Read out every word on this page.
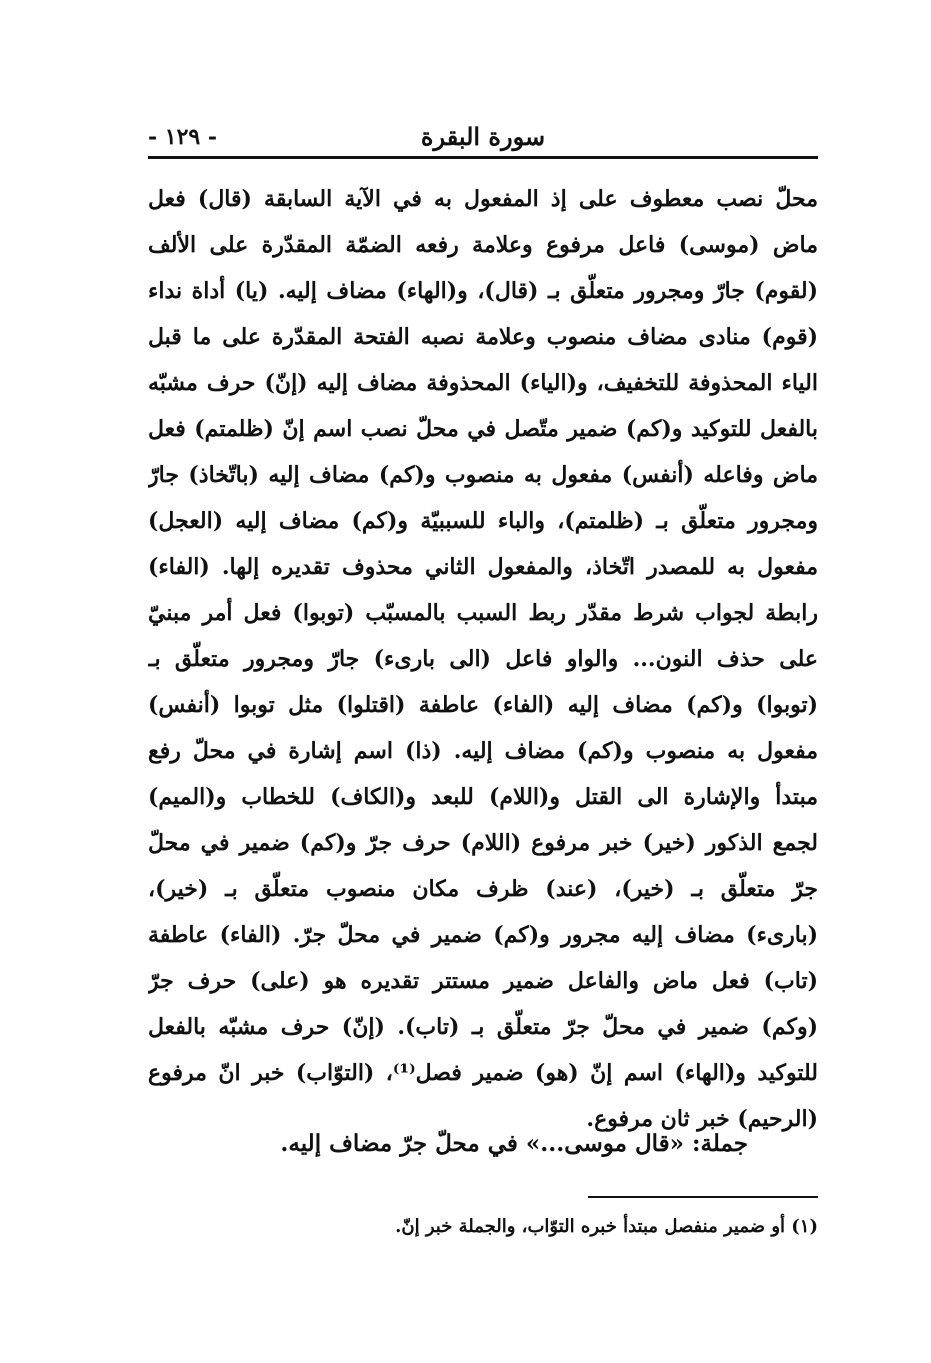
سورة البقرة
- ١٢٩ -
محلّ نصب معطوف على إذ المفعول به في الآية السابقة (قال) فعل
ماض (موسى) فاعل مرفوع وعلامة رفعه الضمّة المقدّرة على الألف
(لقوم) جارّ ومجرور متعلّق بـ (قال)، و(الهاء) مضاف إليه. (يا) أداة نداء
(قوم) منادى مضاف منصوب وعلامة نصبه الفتحة المقدّرة على ما قبل
الياء المحذوفة للتخفيف، و(الياء) المحذوفة مضاف إليه (إنّ) حرف مشبّه
بالفعل للتوكيد و(كم) ضمير متّصل في محلّ نصب اسم إنّ (ظلمتم) فعل
ماض وفاعله (أنفس) مفعول به منصوب و(كم) مضاف إليه (باتّخاذ) جارّ
ومجرور متعلّق بـ (ظلمتم)، والباء للسببيّة و(كم) مضاف إليه (العجل)
مفعول به للمصدر اتّخاذ، والمفعول الثاني محذوف تقديره إلها. (الفاء)
رابطة لجواب شرط مقدّر ربط السبب بالمسبّب (توبوا) فعل أمر مبنيّ
على حذف النون... والواو فاعل (الى بارىء) جارّ ومجرور متعلّق بـ
(توبوا) و(كم) مضاف إليه (الفاء) عاطفة (اقتلوا) مثل توبوا (أنفس)
مفعول به منصوب و(كم) مضاف إليه. (ذا) اسم إشارة في محلّ رفع
مبتدأ والإشارة الى القتل و(اللام) للبعد و(الكاف) للخطاب و(الميم)
لجمع الذكور (خير) خبر مرفوع (اللام) حرف جرّ و(كم) ضمير في محلّ
جرّ متعلّق بـ (خير)، (عند) ظرف مكان منصوب متعلّق بـ (خير)،
(بارىء) مضاف إليه مجرور و(كم) ضمير في محلّ جرّ. (الفاء) عاطفة
(تاب) فعل ماض والفاعل ضمير مستتر تقديره هو (على) حرف جرّ
(وكم) ضمير في محلّ جرّ متعلّق بـ (تاب). (إنّ) حرف مشبّه بالفعل
للتوكيد و(الهاء) اسم إنّ (هو) ضمير فصل⁽¹⁾، (التوّاب) خبر انّ مرفوع
(الرحيم) خبر ثان مرفوع.
جملة: «قال موسى...» في محلّ جرّ مضاف إليه.
(١) أو ضمير منفصل مبتدأ خبره التوّاب، والجملة خبر إنّ.
